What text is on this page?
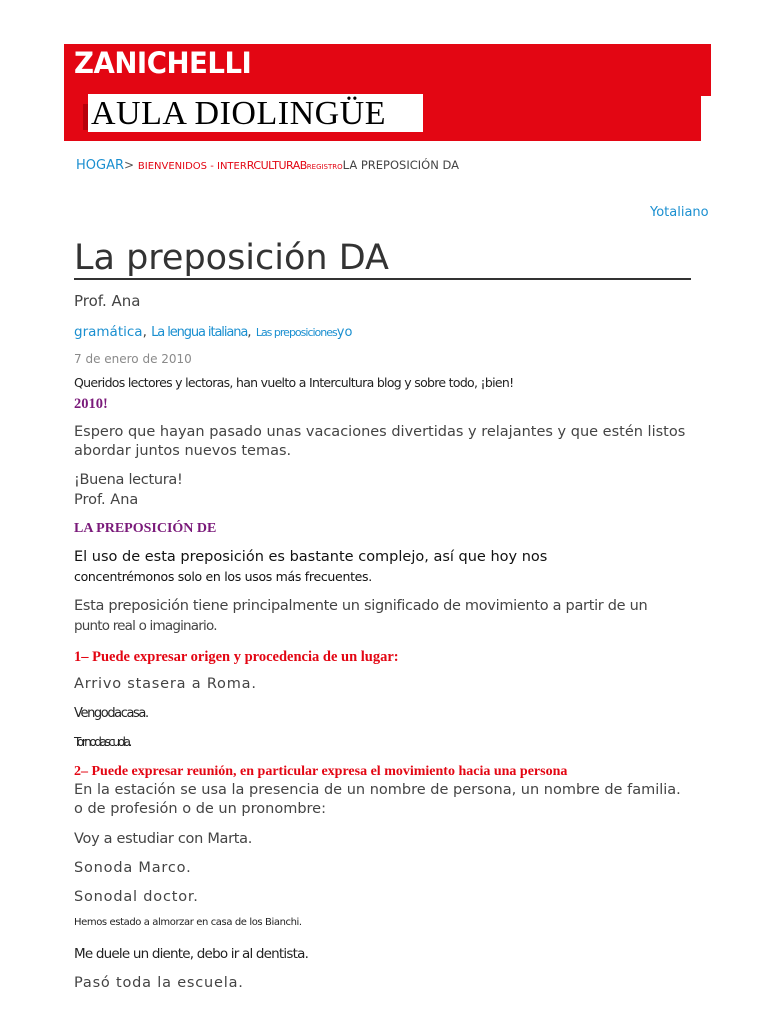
ZANICHELLI
AULA DIOLINGÜE
HOGAR> BIENVENIDOS - INTERRCULTURABREGISTROLA PREPOSICIÓN DA
Yotaliano
La preposición DA
Prof. Ana
gramática, La lengua italiana, Las preposicionesyo
7 de enero de 2010
Queridos lectores y lectoras, han vuelto a Intercultura blog y sobre todo, ¡bien!
2010!
Espero que hayan pasado unas vacaciones divertidas y relajantes y que estén listos
abordar juntos nuevos temas.
¡Buena lectura!
Prof. Ana
LA PREPOSICIÓN DE
El uso de esta preposición es bastante complejo, así que hoy nos
concentrémonos solo en los usos más frecuentes.
Esta preposición tiene principalmente un significado de movimiento a partir de un
punto real o imaginario.
1– Puede expresar origen y procedencia de un lugar:
Arrivo stasera a Roma.
Vengodacasa.
Tornodascuola.
2– Puede expresar reunión, en particular expresa el movimiento hacia una persona
En la estación se usa la presencia de un nombre de persona, un nombre de familia.
o de profesión o de un pronombre:
Voy a estudiar con Marta.
Sonoda Marco.
Sonodal doctor.
Hemos estado a almorzar en casa de los Bianchi.
Me duele un diente, debo ir al dentista.
Pasó toda la escuela.
